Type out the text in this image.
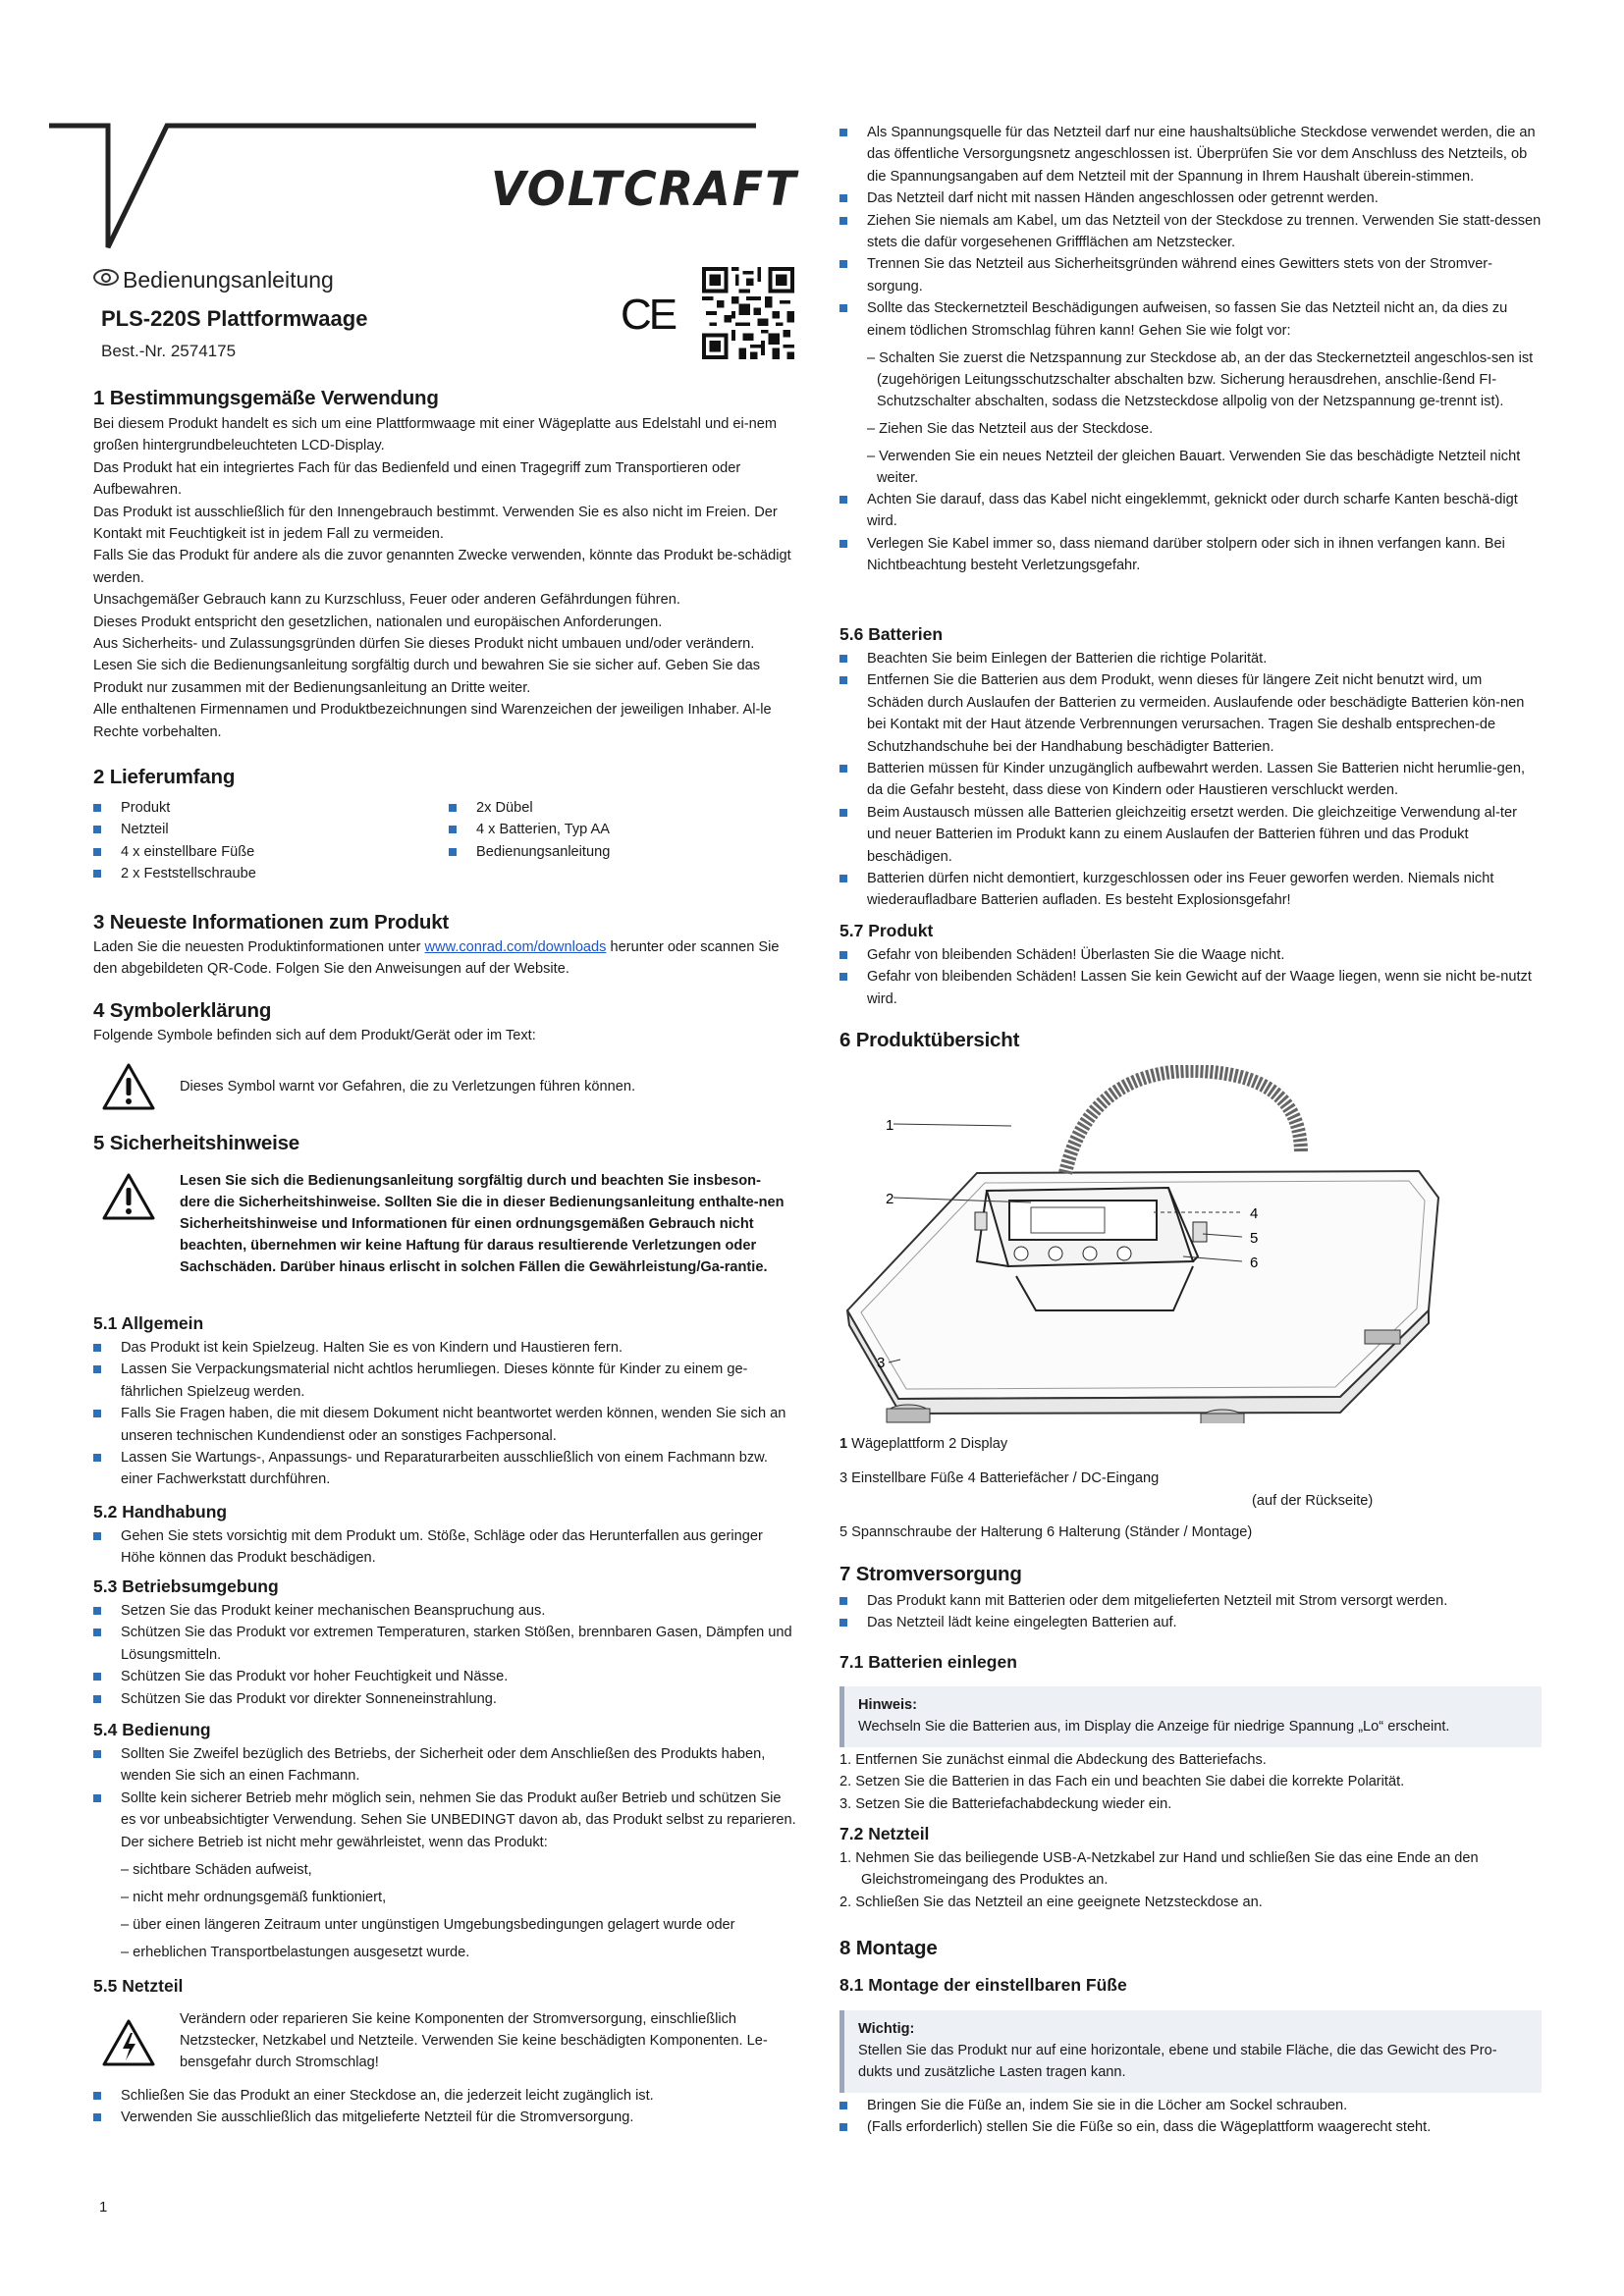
VOLTCRAFT
Bedienungsanleitung
PLS-220S Plattformwaage
Best.-Nr. 2574175
CE
1 Bestimmungsgemäße Verwendung

Bei diesem Produkt handelt es sich um eine Plattformwaage mit einer Wägeplatte aus Edelstahl und ei-nem großen hintergrundbeleuchteten LCD-Display.

Das Produkt hat ein integriertes Fach für das Bedienfeld und einen Tragegriff zum Transportieren oder Aufbewahren.

Das Produkt ist ausschließlich für den Innengebrauch bestimmt. Verwenden Sie es also nicht im Freien. Der Kontakt mit Feuchtigkeit ist in jedem Fall zu vermeiden.

Falls Sie das Produkt für andere als die zuvor genannten Zwecke verwenden, könnte das Produkt be-schädigt werden.

Unsachgemäßer Gebrauch kann zu Kurzschluss, Feuer oder anderen Gefährdungen führen.

Dieses Produkt entspricht den gesetzlichen, nationalen und europäischen Anforderungen.

Aus Sicherheits- und Zulassungsgründen dürfen Sie dieses Produkt nicht umbauen und/oder verändern.

Lesen Sie sich die Bedienungsanleitung sorgfältig durch und bewahren Sie sie sicher auf. Geben Sie das Produkt nur zusammen mit der Bedienungsanleitung an Dritte weiter.

Alle enthaltenen Firmennamen und Produktbezeichnungen sind Warenzeichen der jeweiligen Inhaber. Al-le Rechte vorbehalten.

2 Lieferumfang
Produkt
Netzteil
4 x einstellbare Füße
2 x Feststellschraube
2x Dübel
4 x Batterien, Typ AA
Bedienungsanleitung
3 Neueste Informationen zum Produkt

Laden Sie die neuesten Produktinformationen unter www.conrad.com/downloads herunter oder scannen Sie den abgebildeten QR-Code. Folgen Sie den Anweisungen auf der Website.

4 Symbolerklärung

Folgende Symbole befinden sich auf dem Produkt/Gerät oder im Text:

Dieses Symbol warnt vor Gefahren, die zu Verletzungen führen können.
5 Sicherheitshinweise
Lesen Sie sich die Bedienungsanleitung sorgfältig durch und beachten Sie insbeson-dere die Sicherheitshinweise. Sollten Sie die in dieser Bedienungsanleitung enthalte-nen Sicherheitshinweise und Informationen für einen ordnungsgemäßen Gebrauch nicht beachten, übernehmen wir keine Haftung für daraus resultierende Verletzungen oder Sachschäden. Darüber hinaus erlischt in solchen Fällen die Gewährleistung/Ga-rantie.
5.1 Allgemein
Das Produkt ist kein Spielzeug. Halten Sie es von Kindern und Haustieren fern.
Lassen Sie Verpackungsmaterial nicht achtlos herumliegen. Dieses könnte für Kinder zu einem ge-fährlichen Spielzeug werden.
Falls Sie Fragen haben, die mit diesem Dokument nicht beantwortet werden können, wenden Sie sich an unseren technischen Kundendienst oder an sonstiges Fachpersonal.
Lassen Sie Wartungs-, Anpassungs- und Reparaturarbeiten ausschließlich von einem Fachmann bzw. einer Fachwerkstatt durchführen.
5.2 Handhabung
Gehen Sie stets vorsichtig mit dem Produkt um. Stöße, Schläge oder das Herunterfallen aus geringer Höhe können das Produkt beschädigen.
5.3 Betriebsumgebung
Setzen Sie das Produkt keiner mechanischen Beanspruchung aus.
Schützen Sie das Produkt vor extremen Temperaturen, starken Stößen, brennbaren Gasen, Dämpfen und Lösungsmitteln.
Schützen Sie das Produkt vor hoher Feuchtigkeit und Nässe.
Schützen Sie das Produkt vor direkter Sonneneinstrahlung.
5.4 Bedienung
Sollten Sie Zweifel bezüglich des Betriebs, der Sicherheit oder dem Anschließen des Produkts haben, wenden Sie sich an einen Fachmann.
Sollte kein sicherer Betrieb mehr möglich sein, nehmen Sie das Produkt außer Betrieb und schützen Sie es vor unbeabsichtigter Verwendung. Sehen Sie UNBEDINGT davon ab, das Produkt selbst zu reparieren. Der sichere Betrieb ist nicht mehr gewährleistet, wenn das Produkt:
– sichtbare Schäden aufweist,
– nicht mehr ordnungsgemäß funktioniert,
– über einen längeren Zeitraum unter ungünstigen Umgebungsbedingungen gelagert wurde oder
– erheblichen Transportbelastungen ausgesetzt wurde.
5.5 Netzteil
Verändern oder reparieren Sie keine Komponenten der Stromversorgung, einschließlich Netzstecker, Netzkabel und Netzteile. Verwenden Sie keine beschädigten Komponenten. Le-bensgefahr durch Stromschlag!
Schließen Sie das Produkt an einer Steckdose an, die jederzeit leicht zugänglich ist.
Verwenden Sie ausschließlich das mitgelieferte Netzteil für die Stromversorgung.
1
Als Spannungsquelle für das Netzteil darf nur eine haushaltsübliche Steckdose verwendet werden, die an das öffentliche Versorgungsnetz angeschlossen ist. Überprüfen Sie vor dem Anschluss des Netzteils, ob die Spannungsangaben auf dem Netzteil mit der Spannung in Ihrem Haushalt überein-stimmen.
Das Netzteil darf nicht mit nassen Händen angeschlossen oder getrennt werden.
Ziehen Sie niemals am Kabel, um das Netzteil von der Steckdose zu trennen. Verwenden Sie statt-dessen stets die dafür vorgesehenen Griffflächen am Netzstecker.
Trennen Sie das Netzteil aus Sicherheitsgründen während eines Gewitters stets von der Stromver-sorgung.
Sollte das Steckernetzteil Beschädigungen aufweisen, so fassen Sie das Netzteil nicht an, da dies zu einem tödlichen Stromschlag führen kann! Gehen Sie wie folgt vor:
– Schalten Sie zuerst die Netzspannung zur Steckdose ab, an der das Steckernetzteil angeschlos-sen ist (zugehörigen Leitungsschutzschalter abschalten bzw. Sicherung herausdrehen, anschlie-ßend FI-Schutzschalter abschalten, sodass die Netzsteckdose allpolig von der Netzspannung ge-trennt ist).
– Ziehen Sie das Netzteil aus der Steckdose.
– Verwenden Sie ein neues Netzteil der gleichen Bauart. Verwenden Sie das beschädigte Netzteil nicht weiter.
Achten Sie darauf, dass das Kabel nicht eingeklemmt, geknickt oder durch scharfe Kanten beschä-digt wird.
Verlegen Sie Kabel immer so, dass niemand darüber stolpern oder sich in ihnen verfangen kann. Bei Nichtbeachtung besteht Verletzungsgefahr.
5.6 Batterien
Beachten Sie beim Einlegen der Batterien die richtige Polarität.
Entfernen Sie die Batterien aus dem Produkt, wenn dieses für längere Zeit nicht benutzt wird, um Schäden durch Auslaufen der Batterien zu vermeiden. Auslaufende oder beschädigte Batterien kön-nen bei Kontakt mit der Haut ätzende Verbrennungen verursachen. Tragen Sie deshalb entsprechen-de Schutzhandschuhe bei der Handhabung beschädigter Batterien.
Batterien müssen für Kinder unzugänglich aufbewahrt werden. Lassen Sie Batterien nicht herumlie-gen, da die Gefahr besteht, dass diese von Kindern oder Haustieren verschluckt werden.
Beim Austausch müssen alle Batterien gleichzeitig ersetzt werden. Die gleichzeitige Verwendung al-ter und neuer Batterien im Produkt kann zu einem Auslaufen der Batterien führen und das Produkt beschädigen.
Batterien dürfen nicht demontiert, kurzgeschlossen oder ins Feuer geworfen werden. Niemals nicht wiederaufladbare Batterien aufladen. Es besteht Explosionsgefahr!
5.7 Produkt
Gefahr von bleibenden Schäden! Überlasten Sie die Waage nicht.
Gefahr von bleibenden Schäden! Lassen Sie kein Gewicht auf der Waage liegen, wenn sie nicht be-nutzt wird.
6 Produktübersicht
1
2
3
4
5
6
1 Wägeplattform 2 Display
3 Einstellbare Füße 4 Batteriefächer / DC-Eingang
(auf der Rückseite)
5 Spannschraube der Halterung 6 Halterung (Ständer / Montage)
7 Stromversorgung
Das Produkt kann mit Batterien oder dem mitgelieferten Netzteil mit Strom versorgt werden.
Das Netzteil lädt keine eingelegten Batterien auf.
7.1 Batterien einlegen
Hinweis:
Wechseln Sie die Batterien aus, im Display die Anzeige für niedrige Spannung „Lo“ erscheint.
1. Entfernen Sie zunächst einmal die Abdeckung des Batteriefachs.
2. Setzen Sie die Batterien in das Fach ein und beachten Sie dabei die korrekte Polarität.
3. Setzen Sie die Batteriefachabdeckung wieder ein.
7.2 Netzteil
1. Nehmen Sie das beiliegende USB-A-Netzkabel zur Hand und schließen Sie das eine Ende an den
Gleichstromeingang des Produktes an.
2. Schließen Sie das Netzteil an eine geeignete Netzsteckdose an.
8 Montage
8.1 Montage der einstellbaren Füße
Wichtig:
Stellen Sie das Produkt nur auf eine horizontale, ebene und stabile Fläche, die das Gewicht des Pro-dukts und zusätzliche Lasten tragen kann.
Bringen Sie die Füße an, indem Sie sie in die Löcher am Sockel schrauben.
(Falls erforderlich) stellen Sie die Füße so ein, dass die Wägeplattform waagerecht steht.
